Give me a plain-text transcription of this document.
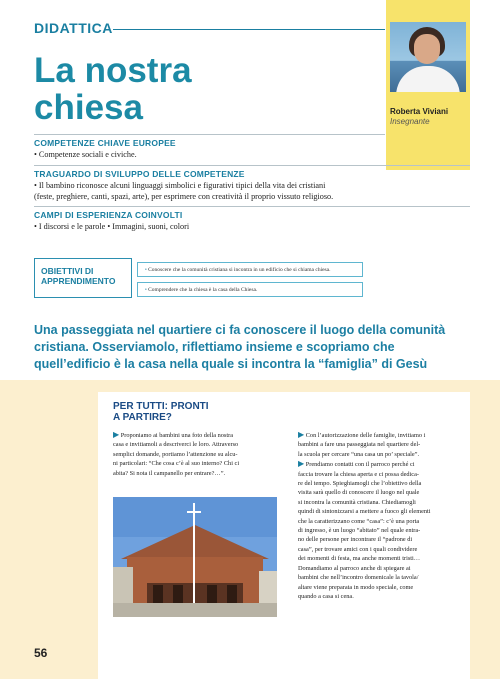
DIDATTICA
La nostra
chiesa	Roberta Viviani
Insegnante
COMPETENZE CHIAVE EUROPEE
• Competenze sociali e civiche.
TRAGUARDO DI SVILUPPO DELLE COMPETENZE
• Il bambino riconosce alcuni linguaggi simbolici e figurativi tipici della vita dei cristiani
(feste, preghiere, canti, spazi, arte), per esprimere con creatività il proprio vissuto religioso.
CAMPI DI ESPERIENZA COINVOLTI
• I discorsi e le parole • Immagini, suoni, colori
OBIETTIVI DI
APPRENDIMENTO
• Conoscere che la comunità cristiana si incontra in un edificio che si chiama chiesa.
• Comprendere che la chiesa è la casa della Chiesa.
Una passeggiata nel quartiere ci fa conoscere il luogo della comunità
cristiana. Osserviamolo, riflettiamo insieme e scopriamo che
quell’edificio è la casa nella quale si incontra la “famiglia” di Gesù
PER TUTTI: PRONTI
A PARTIRE?
▶ Proponiamo ai bambini una foto della nostra
casa e invitiamoli a descriverci le loro. Attraverso
semplici domande, portiamo l’attenzione su alcu-
ni particolari: “Che cosa c’è al suo interno? Chi ci
abita? Si nota il campanello per entrare?…”.
▶ Con l’autorizzazione delle famiglie, invitiamo i
bambini a fare una passeggiata nel quartiere del-
la scuola per cercare “una casa un po’ speciale”.
▶ Prendiamo contatti con il parroco perché ci
faccia trovare la chiesa aperta e ci possa dedica-
re del tempo. Spieghiamogli che l’obiettivo della
visita sarà quello di conoscere il luogo nel quale
si incontra la comunità cristiana. Chiediamogli
quindi di sintonizzarsi a mettere a fuoco gli elementi
che la caratterizzano come “casa”: c’è una porta
di ingresso, è un luogo “abitato” nel quale entra-
no delle persone per incontrare il “padrone di
casa”, per trovare amici con i quali condividere
dei momenti di festa, ma anche momenti tristi…
Domandiamo al parroco anche di spiegare ai
bambini che nell’incontro domenicale la tavola/
altare viene preparata in modo speciale, come
quando a casa si cena.
56
